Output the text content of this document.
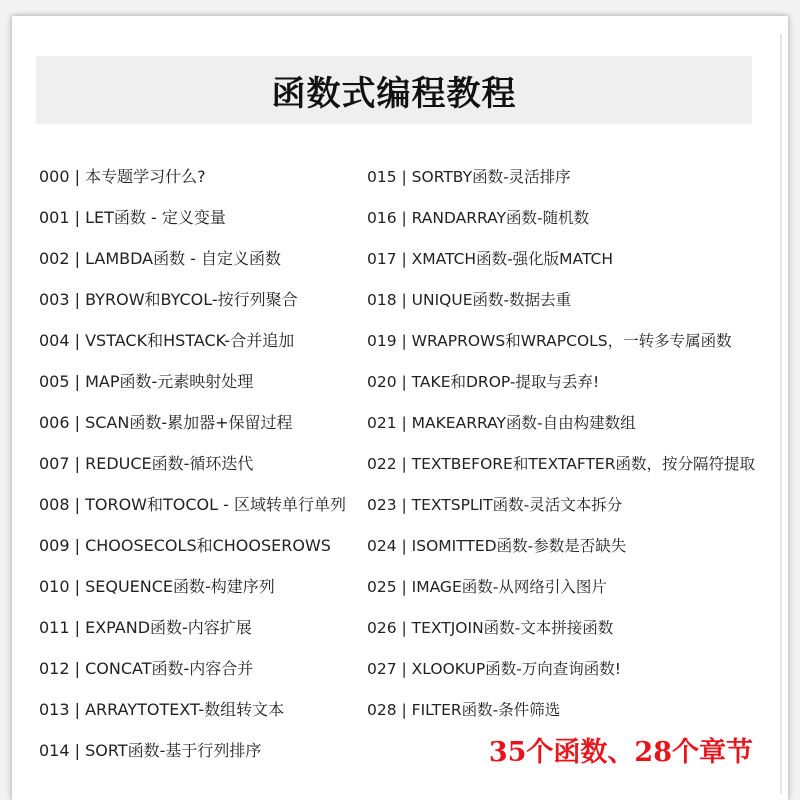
函数式编程教程
000 | 本专题学习什么?
001 | LET函数 - 定义变量
002 | LAMBDA函数 - 自定义函数
003 | BYROW和BYCOL-按行列聚合
004 | VSTACK和HSTACK-合并追加
005 | MAP函数-元素映射处理
006 | SCAN函数-累加器+保留过程
007 | REDUCE函数-循环迭代
008 | TOROW和TOCOL - 区域转单行单列
009 | CHOOSECOLS和CHOOSEROWS
010 | SEQUENCE函数-构建序列
011 | EXPAND函数-内容扩展
012 | CONCAT函数-内容合并
013 | ARRAYTOTEXT-数组转文本
014 | SORT函数-基于行列排序
015 | SORTBY函数-灵活排序
016 | RANDARRAY函数-随机数
017 | XMATCH函数-强化版MATCH
018 | UNIQUE函数-数据去重
019 | WRAPROWS和WRAPCOLS，一转多专属函数
020 | TAKE和DROP-提取与丢弃!
021 | MAKEARRAY函数-自由构建数组
022 | TEXTBEFORE和TEXTAFTER函数，按分隔符提取
023 | TEXTSPLIT函数-灵活文本拆分
024 | ISOMITTED函数-参数是否缺失
025 | IMAGE函数-从网络引入图片
026 | TEXTJOIN函数-文本拼接函数
027 | XLOOKUP函数-万向查询函数!
028 | FILTER函数-条件筛选
35个函数、28个章节
